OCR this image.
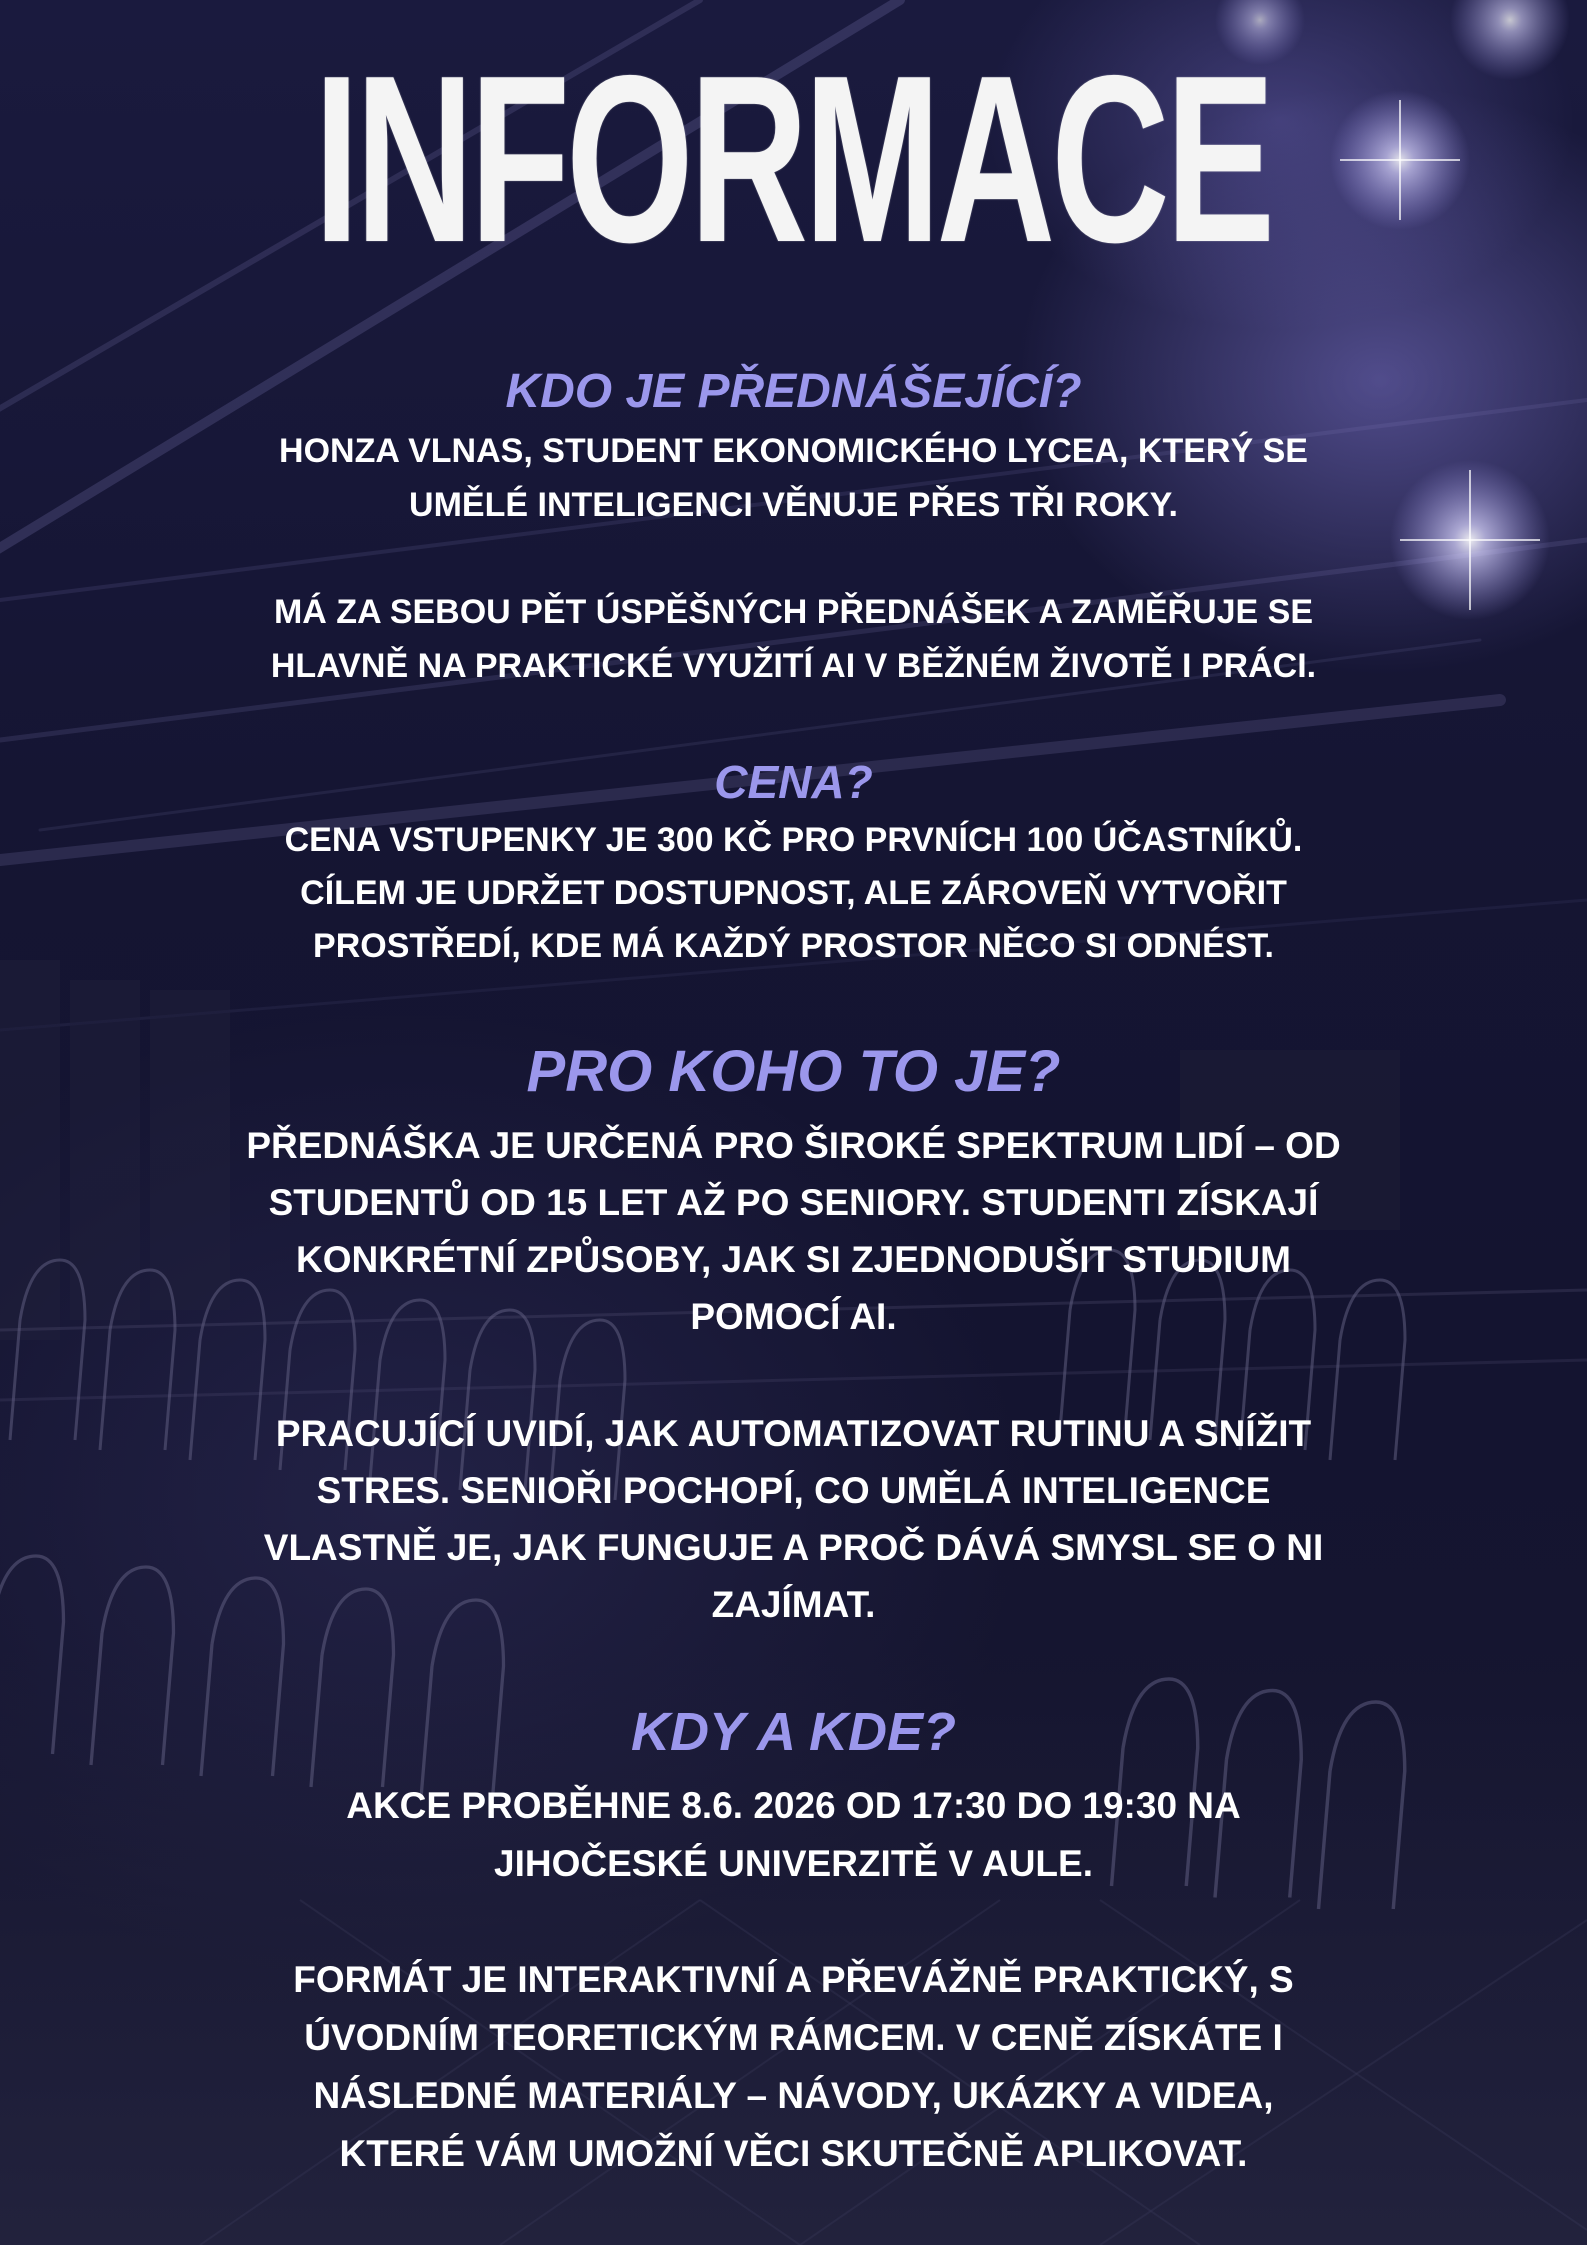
INFORMACE
KDO JE PŘEDNÁŠEJÍCÍ?
HONZA VLNAS, STUDENT EKONOMICKÉHO LYCEA, KTERÝ SE
UMĚLÉ INTELIGENCI VĚNUJE PŘES TŘI ROKY.
MÁ ZA SEBOU PĚT ÚSPĚŠNÝCH PŘEDNÁŠEK A ZAMĚŘUJE SE
HLAVNĚ NA PRAKTICKÉ VYUŽITÍ AI V BĚŽNÉM ŽIVOTĚ I PRÁCI.
CENA?
CENA VSTUPENKY JE 300 KČ PRO PRVNÍCH 100 ÚČASTNÍKŮ.
CÍLEM JE UDRŽET DOSTUPNOST, ALE ZÁROVEŇ VYTVOŘIT
PROSTŘEDÍ, KDE MÁ KAŽDÝ PROSTOR NĚCO SI ODNÉST.
PRO KOHO TO JE?
PŘEDNÁŠKA JE URČENÁ PRO ŠIROKÉ SPEKTRUM LIDÍ – OD
STUDENTŮ OD 15 LET AŽ PO SENIORY. STUDENTI ZÍSKAJÍ
KONKRÉTNÍ ZPŮSOBY, JAK SI ZJEDNODUŠIT STUDIUM
POMOCÍ AI.
PRACUJÍCÍ UVIDÍ, JAK AUTOMATIZOVAT RUTINU A SNÍŽIT
STRES. SENIOŘI POCHOPÍ, CO UMĚLÁ INTELIGENCE
VLASTNĚ JE, JAK FUNGUJE A PROČ DÁVÁ SMYSL SE O NI
ZAJÍMAT.
KDY A KDE?
AKCE PROBĚHNE 8.6. 2026 OD 17:30 DO 19:30 NA
JIHOČESKÉ UNIVERZITĚ V AULE.
FORMÁT JE INTERAKTIVNÍ A PŘEVÁŽNĚ PRAKTICKÝ, S
ÚVODNÍM TEORETICKÝM RÁMCEM. V CENĚ ZÍSKÁTE I
NÁSLEDNÉ MATERIÁLY – NÁVODY, UKÁZKY A VIDEA,
KTERÉ VÁM UMOŽNÍ VĚCI SKUTEČNĚ APLIKOVAT.
